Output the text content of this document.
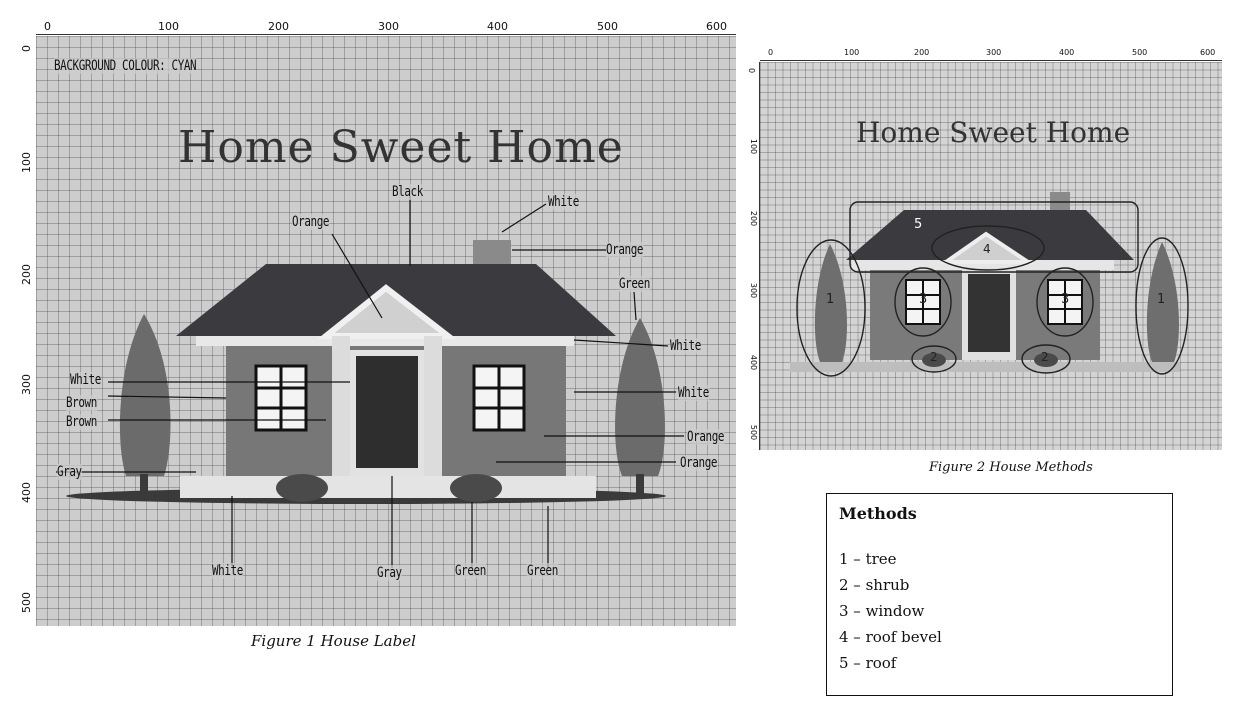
0	100	200	300	400	500	600
0
100
200
300
400
500
BACKGROUND COLOUR: CYAN
Home Sweet Home
Black
Orange
White
Orange
Green
White
White
Brown
Brown
White
Orange
Orange
Gray
White	Gray	Green	Green
Figure 1 House Label
0	100	200	300	400	500	600
0
100
200
300
400
500
1	1
3	3
2	2
4
5
Home Sweet Home
Figure 2 House Methods
Methods
1 – tree
2 – shrub
3 – window
4 – roof bevel
5 – roof
